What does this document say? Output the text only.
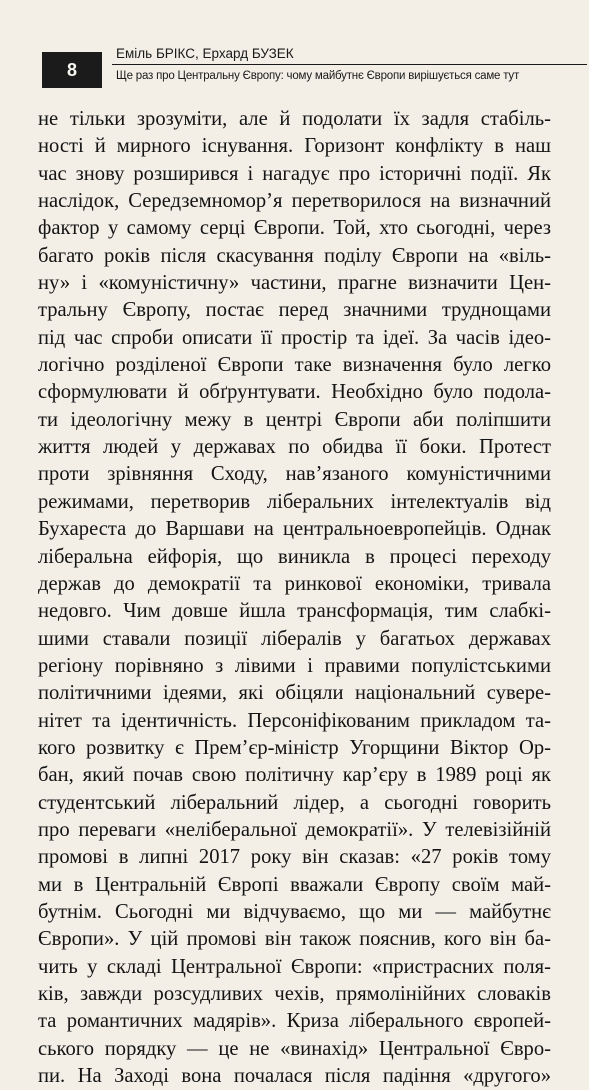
8
Еміль БРІКС, Ерхард БУЗЕК
Ще раз про Центральну Європу: чому майбутнє Європи вирішується саме тут
не тільки зрозуміти, але й подолати їх задля стабіль-
ності й мирного існування. Горизонт конфлікту в наш
час знову розширився і нагадує про історичні події. Як
наслідок, Середземномор’я перетворилося на визначний
фактор у самому серці Європи. Той, хто сьогодні, через
багато років після скасування поділу Європи на «віль-
ну» і «комуністичну» частини, прагне визначити Цен-
тральну Європу, постає перед значними труднощами
під час спроби описати її простір та ідеї. За часів ідео-
логічно розділеної Європи таке визначення було легко
сформулювати й обґрунтувати. Необхідно було подола-
ти ідеологічну межу в центрі Європи аби поліпшити
життя людей у державах по обидва її боки. Протест
проти зрівняння Сходу, нав’язаного комуністичними
режимами, перетворив ліберальних інтелектуалів від
Бухареста до Варшави на центральноевропейців. Однак
ліберальна ейфорія, що виникла в процесі переходу
держав до демократії та ринкової економіки, тривала
недовго. Чим довше йшла трансформація, тим слабкі-
шими ставали позиції лібералів у багатьох державах
регіону порівняно з лівими і правими популістськими
політичними ідеями, які обіцяли національний сувере-
нітет та ідентичність. Персоніфікованим прикладом та-
кого розвитку є Прем’єр-міністр Угорщини Віктор Ор-
бан, який почав свою політичну кар’єру в 1989 році як
студентський ліберальний лідер, а сьогодні говорить
про переваги «неліберальної демократії». У телевізійній
промові в липні 2017 року він сказав: «27 років тому
ми в Центральній Європі вважали Європу своїм май-
бутнім. Сьогодні ми відчуваємо, що ми — майбутнє
Європи». У цій промові він також пояснив, кого він ба-
чить у складі Центральної Європи: «пристрасних поля-
ків, завжди розсудливих чехів, прямолінійних словаків
та романтичних мадярів». Криза ліберального європей-
ського порядку — це не «винахід» Центральної Євро-
пи. На Заході вона почалася після падіння «другого»
